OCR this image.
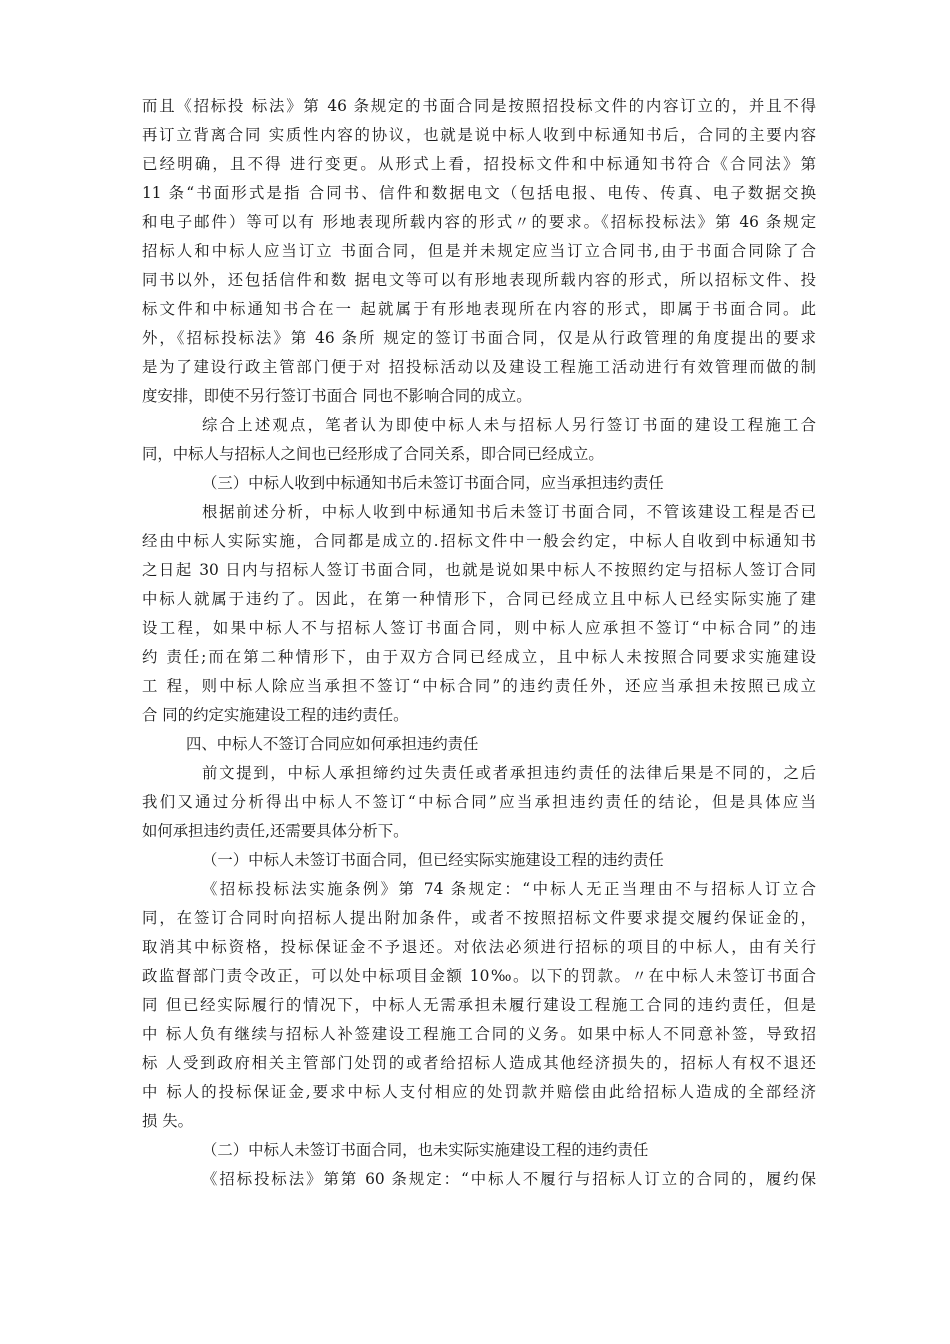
而且《招标投 标法》第 46 条规定的书面合同是按照招投标文件的内容订立的，并且不得
再订立背离合同 实质性内容的协议，也就是说中标人收到中标通知书后，合同的主要内容
已经明确，且不得 进行变更。从形式上看，招投标文件和中标通知书符合《合同法》第
11 条“书面形式是指 合同书、信件和数据电文（包括电报、电传、传真、电子数据交换
和电子邮件）等可以有 形地表现所载内容的形式〃的要求。《招标投标法》第 46 条规定
招标人和中标人应当订立 书面合同，但是并未规定应当订立合同书,由于书面合同除了合
同书以外，还包括信件和数 据电文等可以有形地表现所载内容的形式，所以招标文件、投
标文件和中标通知书合在一 起就属于有形地表现所在内容的形式，即属于书面合同。此
外，《招标投标法》第 46 条所 规定的签订书面合同，仅是从行政管理的角度提出的要求
是为了建设行政主管部门便于对 招投标活动以及建设工程施工活动进行有效管理而做的制
度安排，即使不另行签订书面合 同也不影响合同的成立。
综合上述观点，笔者认为即使中标人未与招标人另行签订书面的建设工程施工合
同，中标人与招标人之间也已经形成了合同关系，即合同已经成立。
（三）中标人收到中标通知书后未签订书面合同，应当承担违约责任
根据前述分析，中标人收到中标通知书后未签订书面合同，不管该建设工程是否已
经由中标人实际实施，合同都是成立的.招标文件中一般会约定，中标人自收到中标通知书
之日起 30 日内与招标人签订书面合同，也就是说如果中标人不按照约定与招标人签订合同
中标人就属于违约了。因此，在第一种情形下，合同已经成立且中标人已经实际实施了建
设工程，如果中标人不与招标人签订书面合同，则中标人应承担不签订“中标合同”的违
约 责任;而在第二种情形下，由于双方合同已经成立，且中标人未按照合同要求实施建设
工 程，则中标人除应当承担不签订“中标合同”的违约责任外，还应当承担未按照已成立
合 同的约定实施建设工程的违约责任。
四、中标人不签订合同应如何承担违约责任
前文提到，中标人承担缔约过失责任或者承担违约责任的法律后果是不同的，之后
我们又通过分析得出中标人不签订“中标合同”应当承担违约责任的结论，但是具体应当
如何承担违约责任,还需要具体分析下。
（一）中标人未签订书面合同，但已经实际实施建设工程的违约责任
《招标投标法实施条例》第 74 条规定：“中标人无正当理由不与招标人订立合
同，在签订合同时向招标人提出附加条件，或者不按照招标文件要求提交履约保证金的，
取消其中标资格，投标保证金不予退还。对依法必须进行招标的项目的中标人，由有关行
政监督部门责令改正，可以处中标项目金额 10‰。以下的罚款。〃在中标人未签订书面合
同 但已经实际履行的情况下，中标人无需承担未履行建设工程施工合同的违约责任，但是
中 标人负有继续与招标人补签建设工程施工合同的义务。如果中标人不同意补签，导致招
标 人受到政府相关主管部门处罚的或者给招标人造成其他经济损失的，招标人有权不退还
中 标人的投标保证金,要求中标人支付相应的处罚款并赔偿由此给招标人造成的全部经济
损 失。
（二）中标人未签订书面合同，也未实际实施建设工程的违约责任
《招标投标法》第第 60 条规定：“中标人不履行与招标人订立的合同的，履约保
